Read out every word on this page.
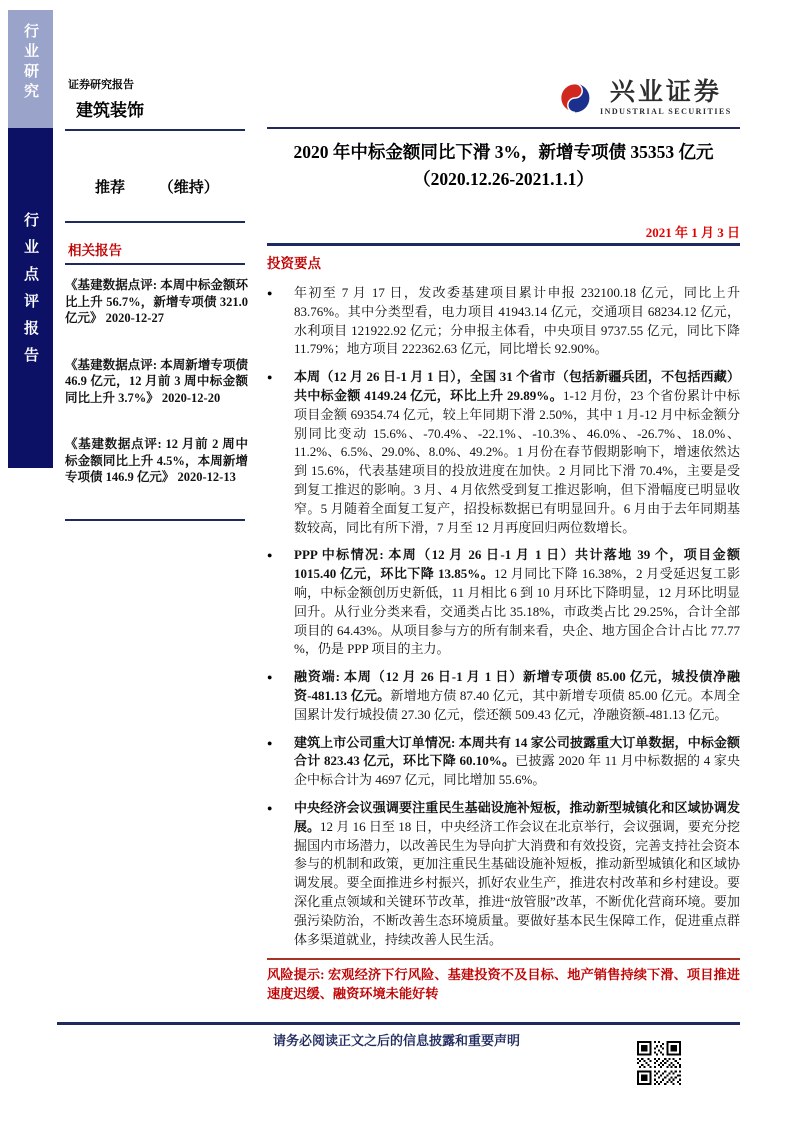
行业研究
行业点评报告
证券研究报告
建筑装饰
推荐 （维持）
相关报告

《基建数据点评: 本周中标金额环比上升 56.7%，新增专项债 321.0 亿元》 2020-12-27

《基建数据点评: 本周新增专项债 46.9 亿元，12 月前 3 周中标金额同比上升 3.7%》 2020-12-20

《基建数据点评: 12 月前 2 周中标金额同比上升 4.5%，本周新增专项债 146.9 亿元》 2020-12-13

兴业证券
INDUSTRIAL SECURITIES
2020 年中标金额同比下滑 3%，新增专项债 35353 亿元（2020.12.26-2021.1.1）
2021 年 1 月 3 日

投资要点

●	年初至 7 月 17 日，发改委基建项目累计申报 232100.18 亿元，同比上升 83.76%。其中分类型看，电力项目 41943.14 亿元，交通项目 68234.12 亿元，水利项目 121922.92 亿元；分申报主体看，中央项目 9737.55 亿元，同比下降 11.79%；地方项目 222362.63 亿元，同比增长 92.90%。

●	本周（12 月 26 日-1 月 1 日），全国 31 个省市（包括新疆兵团，不包括西藏）共中标金额 4149.24 亿元，环比上升 29.89%。1-12 月份，23 个省份累计中标项目金额 69354.74 亿元，较上年同期下滑 2.50%，其中 1 月-12 月中标金额分别同比变动 15.6%、-70.4%、-22.1%、-10.3%、46.0%、-26.7%、18.0%、11.2%、6.5%、29.0%、8.0%、49.2%。1 月份在春节假期影响下，增速依然达到 15.6%，代表基建项目的投放进度在加快。2 月同比下滑 70.4%，主要是受到复工推迟的影响。3 月、4 月依然受到复工推迟影响，但下滑幅度已明显收窄。5 月随着全面复工复产，招投标数据已有明显回升。6 月由于去年同期基数较高，同比有所下滑，7 月至 12 月再度回归两位数增长。

●	PPP 中标情况: 本周（12 月 26 日-1 月 1 日）共计落地 39 个，项目金额 1015.40 亿元，环比下降 13.85%。12 月同比下降 16.38%，2 月受延迟复工影响，中标金额创历史新低，11 月相比 6 到 10 月环比下降明显，12 月环比明显回升。从行业分类来看，交通类占比 35.18%，市政类占比 29.25%，合计全部项目的 64.43%。从项目参与方的所有制来看，央企、地方国企合计占比 77.77 %，仍是 PPP 项目的主力。

●	融资端: 本周（12 月 26 日-1 月 1 日）新增专项债 85.00 亿元，城投债净融资-481.13 亿元。新增地方债 87.40 亿元，其中新增专项债 85.00 亿元。本周全国累计发行城投债 27.30 亿元，偿还额 509.43 亿元，净融资额-481.13 亿元。

●	建筑上市公司重大订单情况: 本周共有 14 家公司披露重大订单数据，中标金额合计 823.43 亿元，环比下降 60.10%。已披露 2020 年 11 月中标数据的 4 家央企中标合计为 4697 亿元，同比增加 55.6%。

●	中央经济会议强调要注重民生基础设施补短板，推动新型城镇化和区域协调发展。12 月 16 日至 18 日，中央经济工作会议在北京举行，会议强调，要充分挖掘国内市场潜力，以改善民生为导向扩大消费和有效投资，完善支持社会资本参与的机制和政策，更加注重民生基础设施补短板，推动新型城镇化和区域协调发展。要全面推进乡村振兴，抓好农业生产，推进农村改革和乡村建设。要深化重点领域和关键环节改革，推进“放管服”改革，不断优化营商环境。要加强污染防治，不断改善生态环境质量。要做好基本民生保障工作，促进重点群体多渠道就业，持续改善人民生活。

风险提示: 宏观经济下行风险、基建投资不及目标、地产销售持续下滑、项目推进速度迟缓、融资环境未能好转

请务必阅读正文之后的信息披露和重要声明
